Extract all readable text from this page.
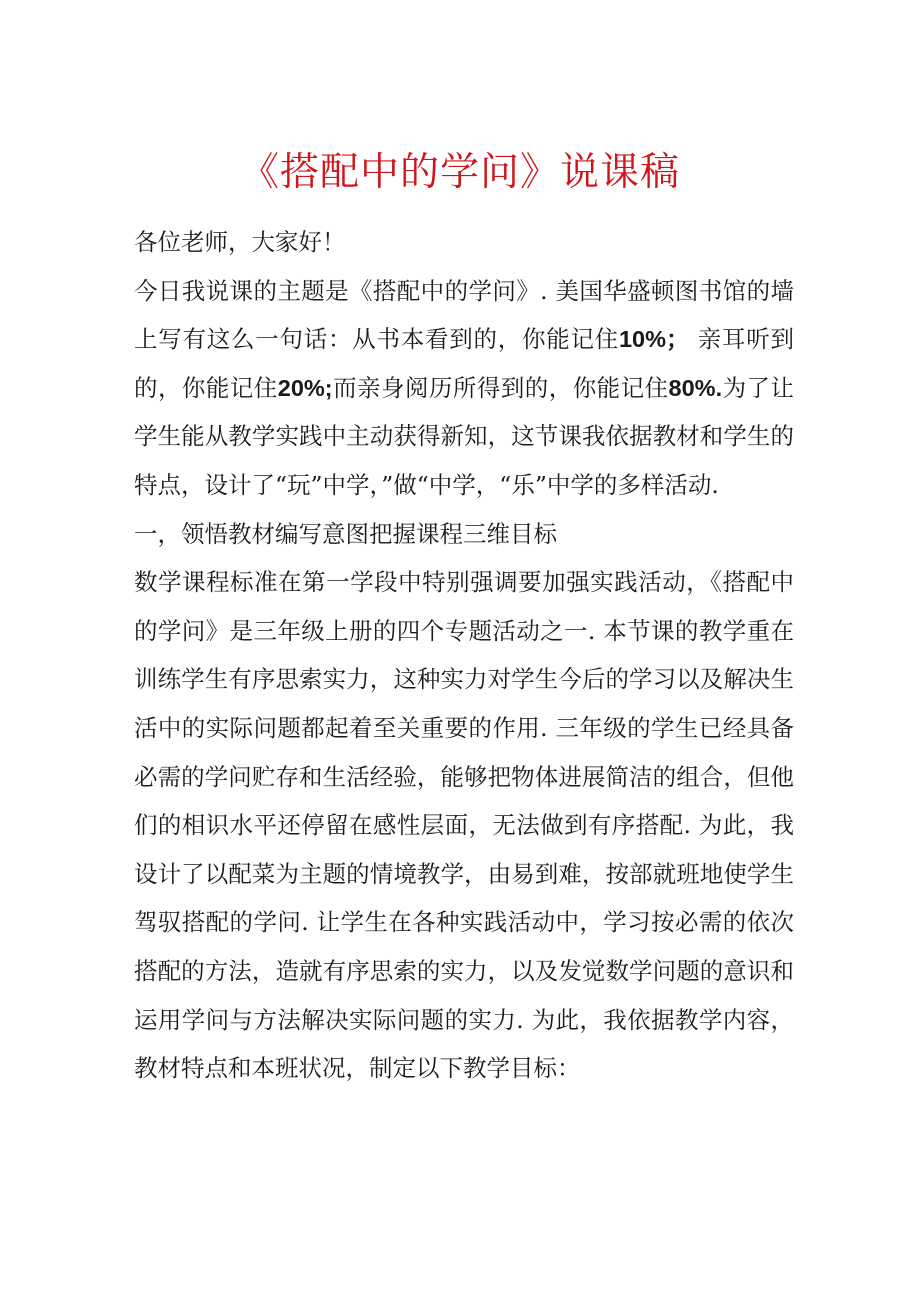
《搭配中的学问》说课稿

各位老师，大家好！

今日我说课的主题是《搭配中的学问》. 美国华盛顿图书馆的墙上写有这么一句话：从书本看到的，你能记住10%； 亲耳听到的，你能记住20%;而亲身阅历所得到的，你能记住80%.为了让学生能从教学实践中主动获得新知，这节课我依据教材和学生的特点，设计了“玩”中学，”做“中学，“乐”中学的多样活动.

一，领悟教材编写意图把握课程三维目标

数学课程标准在第一学段中特别强调要加强实践活动，《搭配中的学问》是三年级上册的四个专题活动之一. 本节课的教学重在训练学生有序思索实力，这种实力对学生今后的学习以及解决生活中的实际问题都起着至关重要的作用. 三年级的学生已经具备必需的学问贮存和生活经验，能够把物体进展简洁的组合，但他们的相识水平还停留在感性层面，无法做到有序搭配. 为此，我设计了以配菜为主题的情境教学，由易到难，按部就班地使学生驾驭搭配的学问. 让学生在各种实践活动中，学习按必需的依次搭配的方法，造就有序思索的实力，以及发觉数学问题的意识和运用学问与方法解决实际问题的实力. 为此，我依据教学内容，教材特点和本班状况，制定以下教学目标：
